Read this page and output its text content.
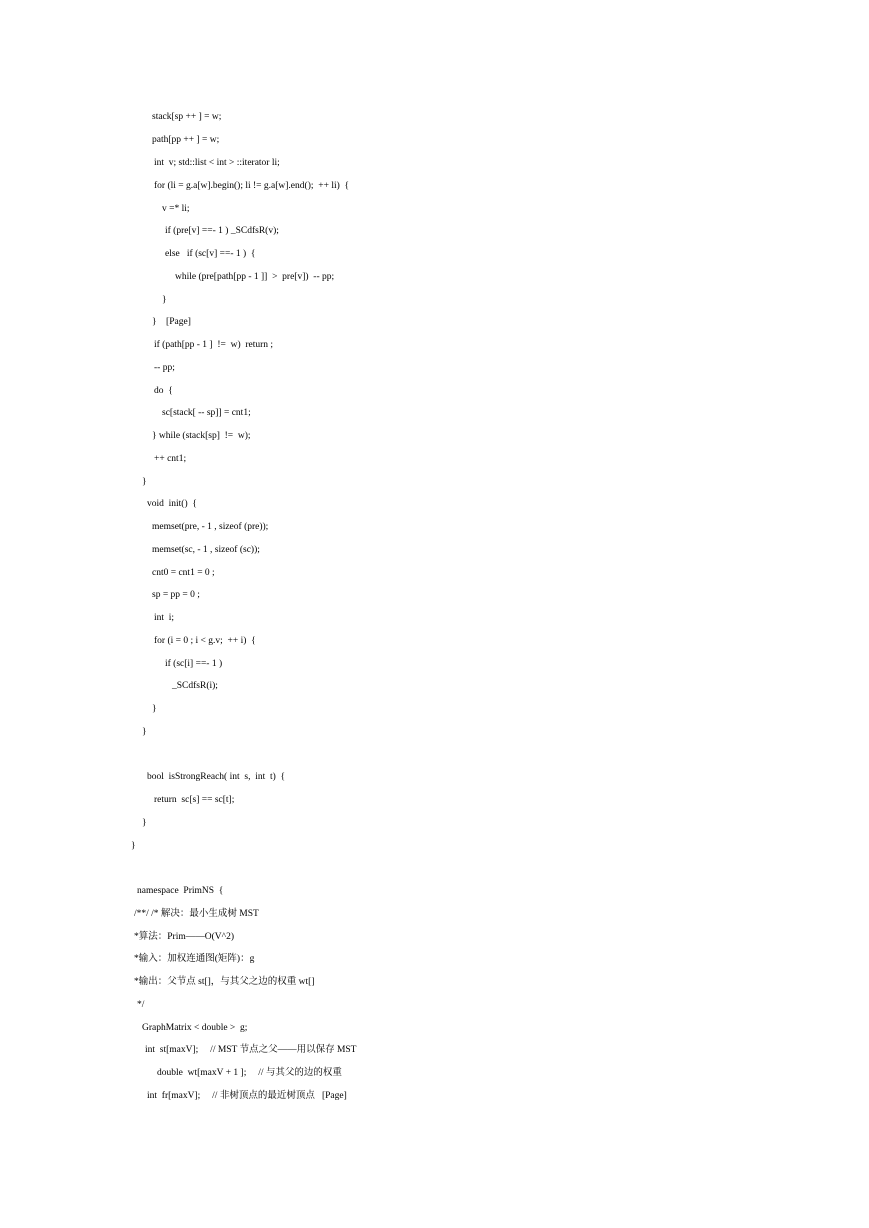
stack[sp ++ ] = w;
path[pp ++ ] = w;
int  v; std::list < int > ::iterator li;
for (li = g.a[w].begin(); li != g.a[w].end();  ++ li)  {
v =* li;
if (pre[v] ==- 1 ) _SCdfsR(v);
else   if (sc[v] ==- 1 )  {
while (pre[path[pp - 1 ]]  >  pre[v])  -- pp;
}
}    [Page]
if (path[pp - 1 ]  !=  w)  return ;
-- pp;
do  {
sc[stack[ -- sp]] = cnt1;
} while (stack[sp]  !=  w);
++ cnt1;
}
void  init()  {
memset(pre, - 1 , sizeof (pre));
memset(sc, - 1 , sizeof (sc));
cnt0 = cnt1 = 0 ;
sp = pp = 0 ;
int  i;
for (i = 0 ; i < g.v;  ++ i)  {
if (sc[i] ==- 1 )
_SCdfsR(i);
}
}
bool  isStrongReach( int  s,  int  t)  {
return  sc[s] == sc[t];
}
}
namespace  PrimNS  {
/**/ /* 解决：最小生成树 MST
*算法：Prim——O(V^2)
*输入：加权连通图(矩阵)：g
*输出：父节点 st[]，与其父之边的权重 wt[]
*/
GraphMatrix < double >  g;
int  st[maxV];     // MST 节点之父——用以保存 MST
double  wt[maxV + 1 ];     // 与其父的边的权重
int  fr[maxV];     // 非树顶点的最近树顶点   [Page]
